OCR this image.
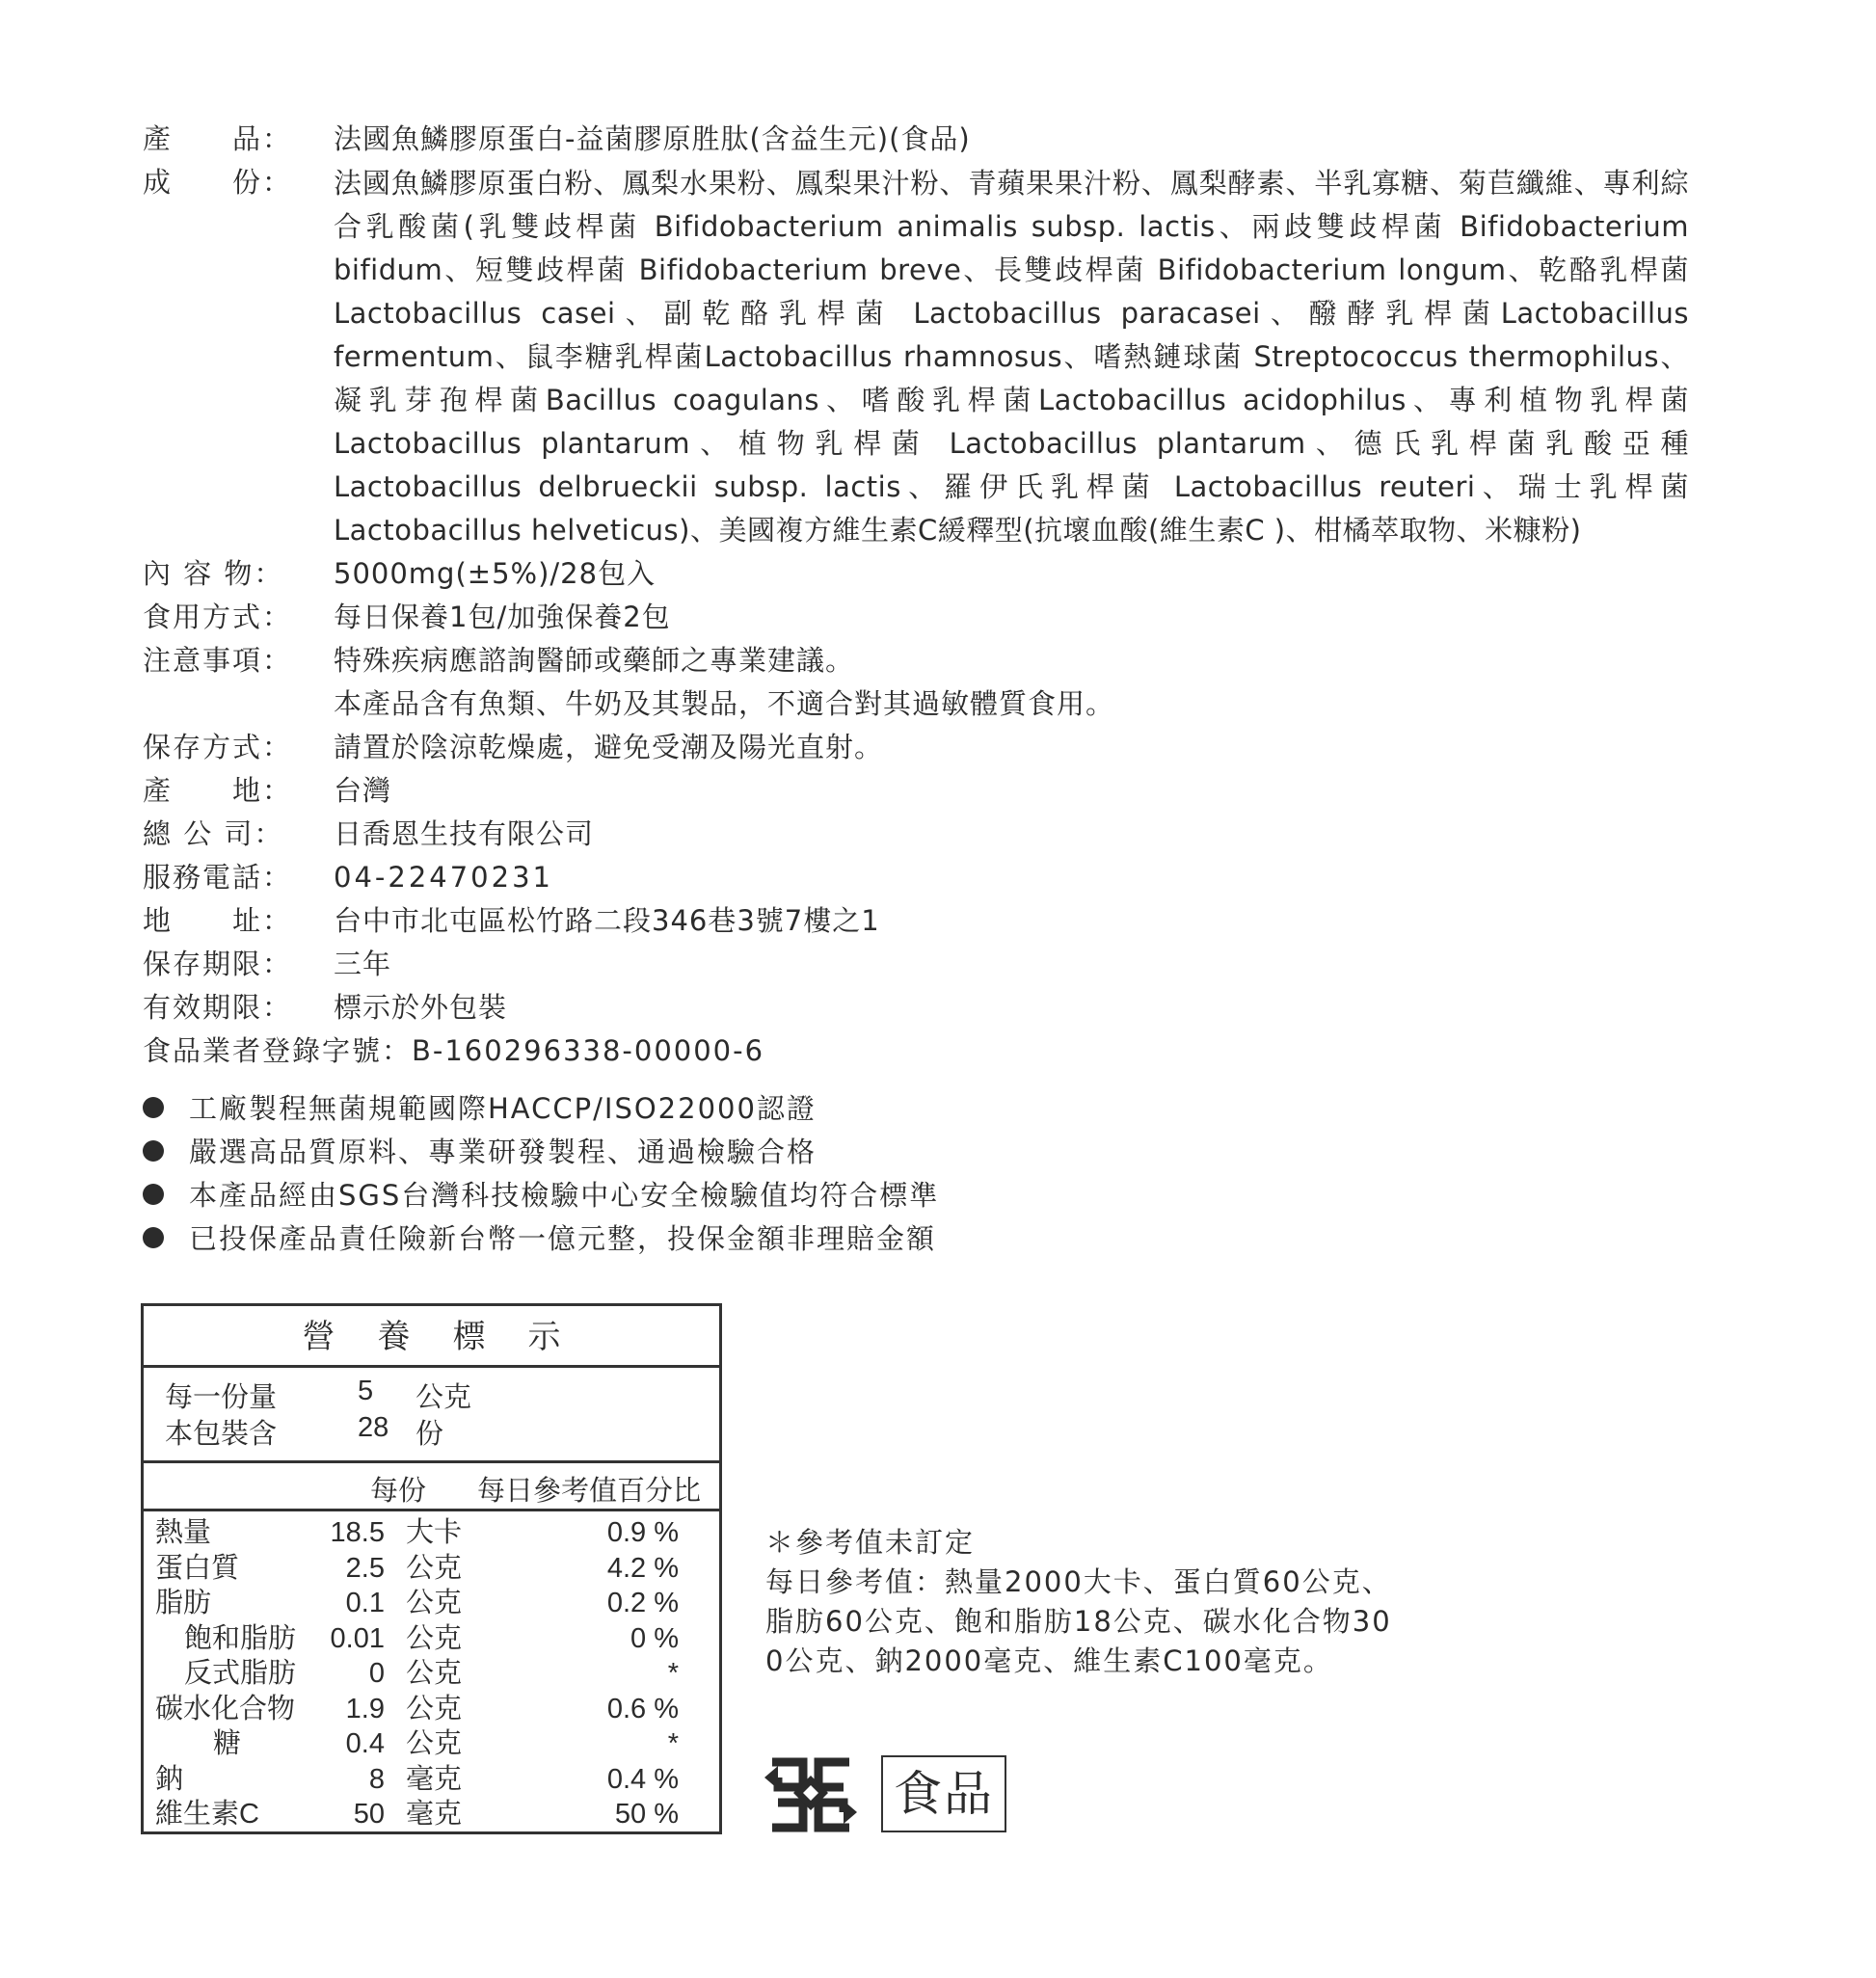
產　　品：	法國魚鱗膠原蛋白-益菌膠原胜肽(含益生元)(食品)
成　　份：	法國魚鱗膠原蛋白粉、鳳梨水果粉、鳳梨果汁粉、青蘋果果汁粉、鳳梨酵素、半乳寡糖、菊苣纖維、專利綜合乳酸菌(乳雙歧桿菌 Bifidobacterium animalis subsp. lactis、兩歧雙歧桿菌 Bifidobacterium bifidum、短雙歧桿菌 Bifidobacterium breve、長雙歧桿菌 Bifidobacterium longum、乾酪乳桿菌 Lactobacillus casei、副乾酪乳桿菌 Lactobacillus paracasei、醱酵乳桿菌Lactobacillus fermentum、鼠李糖乳桿菌Lactobacillus rhamnosus、嗜熱鏈球菌 Streptococcus thermophilus、凝乳芽孢桿菌Bacillus coagulans、嗜酸乳桿菌Lactobacillus acidophilus、專利植物乳桿菌 Lactobacillus plantarum、植物乳桿菌 Lactobacillus plantarum、德氏乳桿菌乳酸亞種 Lactobacillus delbrueckii subsp. lactis、羅伊氏乳桿菌 Lactobacillus reuteri、瑞士乳桿菌 Lactobacillus helveticus)、美國複方維生素C緩釋型(抗壞血酸(維生素C )、柑橘萃取物、米糠粉)
內 容 物：	5000mg(±5%)/28包入
食用方式：	每日保養1包/加強保養2包
注意事項：	特殊疾病應諮詢醫師或藥師之專業建議。
本產品含有魚類、牛奶及其製品，不適合對其過敏體質食用。
保存方式：	請置於陰涼乾燥處，避免受潮及陽光直射。
產　　地：	台灣
總 公 司：	日喬恩生技有限公司
服務電話：	04-22470231
地　　址：	台中市北屯區松竹路二段346巷3號7樓之1
保存期限：	三年
有效期限：	標示於外包裝
食品業者登錄字號：B-160296338-00000-6
工廠製程無菌規範國際HACCP/ISO22000認證
嚴選高品質原料、專業研發製程、通過檢驗合格
本產品經由SGS台灣科技檢驗中心安全檢驗值均符合標準
已投保產品責任險新台幣一億元整，投保金額非理賠金額
營養標示
每一份量	5 公克
本包裝含	28 份
每份 每日參考值百分比
熱量	18.5 大卡	0.9 %
蛋白質	2.5 公克	4.2 %
脂肪	0.1 公克	0.2 %
飽和脂肪 0.01 公克	0 %
反式脂肪	0 公克	*
碳水化合物 1.9 公克	0.6 %
糖	0.4 公克	*
鈉	8 毫克	0.4 %
維生素C	50 毫克	50 %
＊參考值未訂定
每日參考值：熱量2000大卡、蛋白質60公克、
脂肪60公克、飽和脂肪18公克、碳水化合物30
0公克、鈉2000毫克、維生素C100毫克。
食品
